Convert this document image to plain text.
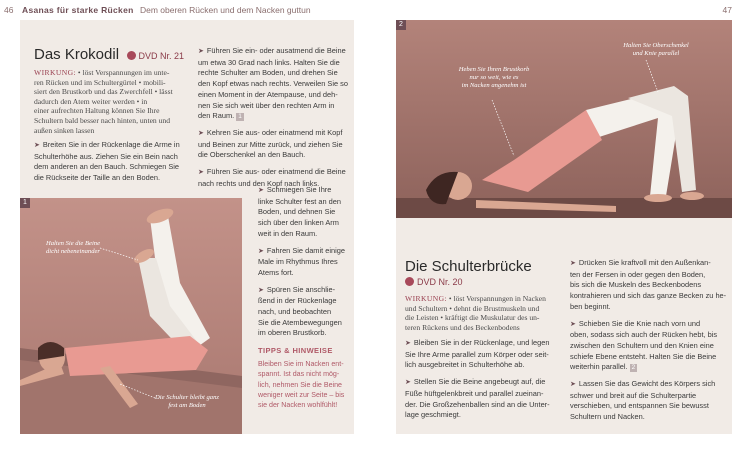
46 Asanas für starke Rücken Dem oberen Rücken und dem Nacken guttun	47
Das Krokodil DVD Nr. 21
WIRKUNG: • löst Verspannungen im unte-
ren Rücken und im Schultergürtel • mobili-
siert den Brustkorb und das Zwerchfell • lässt
dadurch den Atem weiter werden • in
einer aufrechten Haltung können Sie Ihre
Schultern bald besser nach hinten, unten und
außen sinken lassen
➤ Breiten Sie in der Rückenlage die Arme in
Schulterhöhe aus. Ziehen Sie ein Bein nach
dem anderen an den Bauch. Schmiegen Sie
die Rückseite der Taille an den Boden.
➤ Führen Sie ein- oder ausatmend die Beine
um etwa 30 Grad nach links. Halten Sie die
rechte Schulter am Boden, und drehen Sie
den Kopf etwas nach rechts. Verweilen Sie so
einen Moment in der Atempause, und deh-
nen Sie sich weit über den rechten Arm in
den Raum. 1
➤ Kehren Sie aus- oder einatmend mit Kopf
und Beinen zur Mitte zurück, und ziehen Sie
die Oberschenkel an den Bauch.
➤ Führen Sie aus- oder einatmend die Beine
nach rechts und den Kopf nach links.
➤ Schmiegen Sie Ihre
linke Schulter fest an den
Boden, und dehnen Sie
sich über den linken Arm
weit in den Raum.
➤ Fahren Sie damit einige
Male im Rhythmus Ihres
Atems fort.
➤ Spüren Sie anschlie-
ßend in der Rückenlage
nach, und beobachten
Sie die Atembewegungen
im oberen Brustkorb.
TIPPS & HINWEISE
Bleiben Sie im Nacken ent-
spannt. Ist das nicht mög-
lich, nehmen Sie die Beine
weniger weit zur Seite – bis
sie der Nacken wohlfühlt!
1
Halten Sie die Beine
dicht nebeneinander
Die Schulter bleibt ganz
fest am Boden
2
Halten Sie Oberschenkel
und Knie parallel
Heben Sie Ihren Brustkorb
nur so weit, wie es
im Nacken angenehm ist
Die Schulterbrücke
DVD Nr. 20
WIRKUNG: • löst Verspannungen in Nacken
und Schultern • dehnt die Brustmuskeln und
die Leisten • kräftigt die Muskulatur des un-
teren Rückens und des Beckenbodens
➤ Bleiben Sie in der Rückenlage, und legen
Sie Ihre Arme parallel zum Körper oder seit-
lich ausgebreitet in Schulterhöhe ab.
➤ Stellen Sie die Beine angebeugt auf, die
Füße hüftgelenkbreit und parallel zueinan-
der. Die Großzehenballen sind an die Unter-
lage geschmiegt.
➤ Drücken Sie kraftvoll mit den Außenkan-
ten der Fersen in oder gegen den Boden,
bis sich die Muskeln des Beckenbodens
kontrahieren und sich das ganze Becken zu he-
ben beginnt.
➤ Schieben Sie die Knie nach vorn und
oben, sodass sich auch der Rücken hebt, bis
zwischen den Schultern und den Knien eine
schiefe Ebene entsteht. Halten Sie die Beine
weiterhin parallel. 2
➤ Lassen Sie das Gewicht des Körpers sich
schwer und breit auf die Schulterpartie
verschieben, und entspannen Sie bewusst
Schultern und Nacken.
